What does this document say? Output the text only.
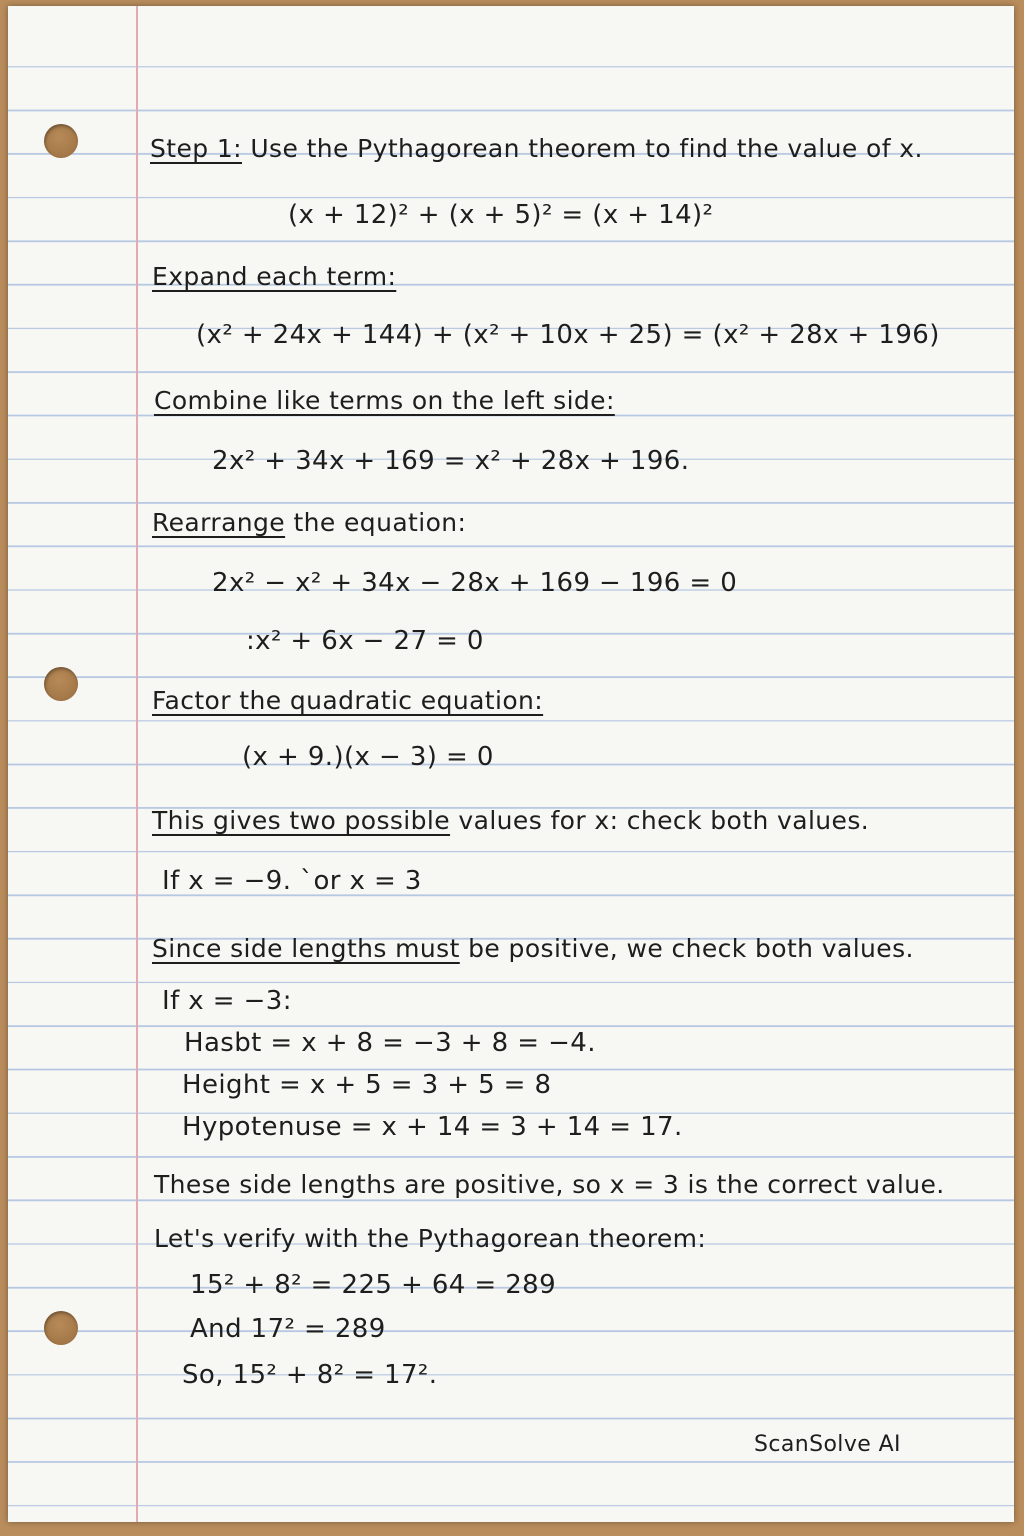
Step 1: Use the Pythagorean theorem to find the value of x.
(x + 12)² + (x + 5)² = (x + 14)²
Expand each term:
(x² + 24x + 144) + (x² + 10x + 25) = (x² + 28x + 196)
Combine like terms on the left side:
2x² + 34x + 169 = x² + 28x + 196.
Rearrange the equation:
2x² − x² + 34x − 28x + 169 − 196 = 0
:x² + 6x − 27 = 0
Factor the quadratic equation:
(x + 9.)(x − 3) = 0
This gives two possible values for x: check both values.
If x = −9. `or x = 3
Since side lengths must be positive, we check both values.
If x = −3:
Hasbt = x + 8 = −3 + 8 = −4.
Height = x + 5 = 3 + 5 = 8
Hypotenuse = x + 14 = 3 + 14 = 17.
These side lengths are positive, so x = 3 is the correct value.
Let's verify with the Pythagorean theorem:
15² + 8² = 225 + 64 = 289
And 17² = 289
So, 15² + 8² = 17².
ScanSolve AI
